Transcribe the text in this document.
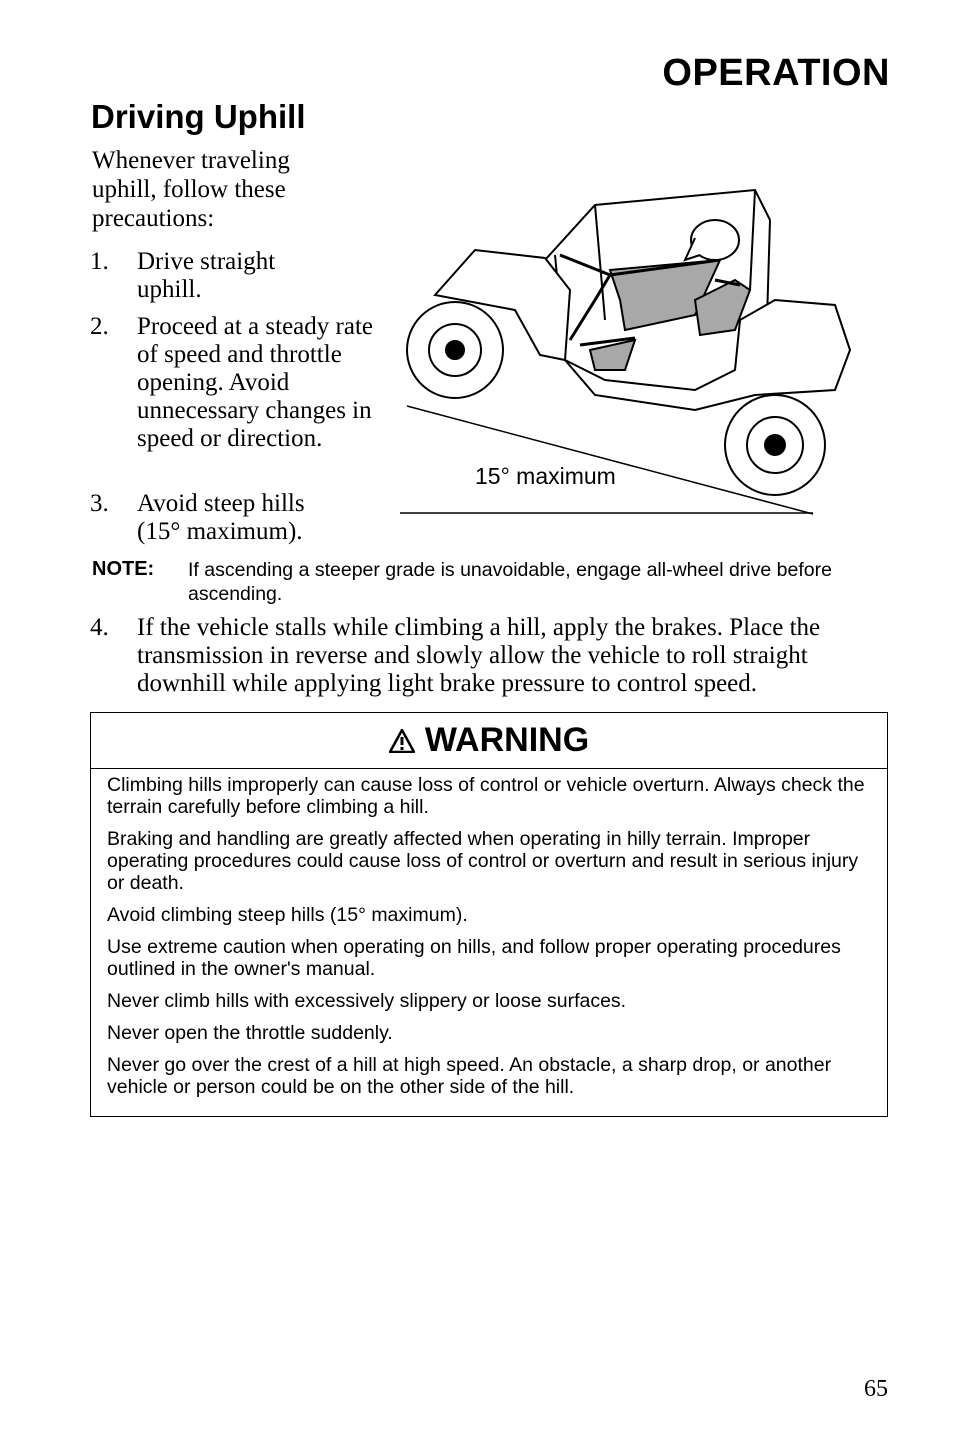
OPERATION
Driving Uphill
Whenever traveling uphill, follow these precautions:
1. Drive straight uphill.
2. Proceed at a steady rate of speed and throttle opening. Avoid unnecessary changes in speed or direction.
3. Avoid steep hills (15° maximum).
15° maximum
NOTE: If ascending a steeper grade is unavoidable, engage all-wheel drive before ascending.
4. If the vehicle stalls while climbing a hill, apply the brakes. Place the transmission in reverse and slowly allow the vehicle to roll straight downhill while applying light brake pressure to control speed.
WARNING

Climbing hills improperly can cause loss of control or vehicle overturn. Always check the terrain carefully before climbing a hill.

Braking and handling are greatly affected when operating in hilly terrain. Improper operating procedures could cause loss of control or overturn and result in serious injury or death.

Avoid climbing steep hills (15° maximum).

Use extreme caution when operating on hills, and follow proper operating procedures outlined in the owner's manual.

Never climb hills with excessively slippery or loose surfaces.

Never open the throttle suddenly.

Never go over the crest of a hill at high speed. An obstacle, a sharp drop, or another vehicle or person could be on the other side of the hill.

65
